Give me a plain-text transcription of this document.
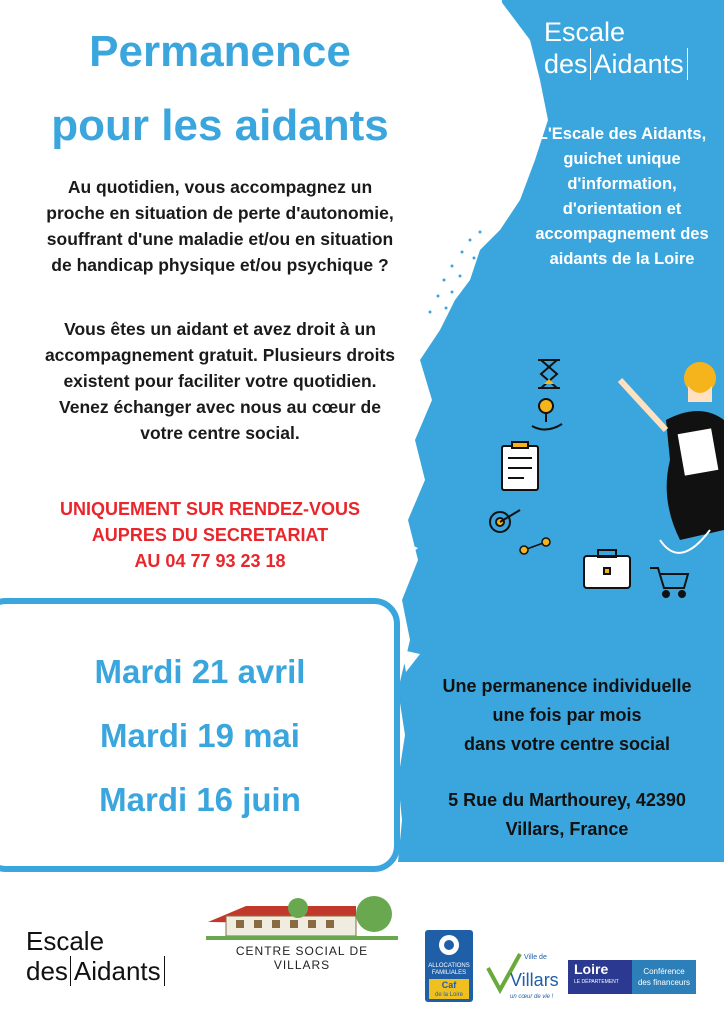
Permanence
pour les aidants
Au quotidien, vous accompagnez un
proche en situation de perte d'autonomie,
souffrant d'une maladie et/ou en situation
de handicap physique et/ou psychique ?
Vous êtes un aidant et avez droit à un
accompagnement gratuit. Plusieurs droits
existent pour faciliter votre quotidien.
Venez échanger avec nous au cœur de
votre centre social.
UNIQUEMENT SUR RENDEZ-VOUS
AUPRES DU SECRETARIAT
AU 04 77 93 23 18
Mardi 21 avril
Mardi 19 mai
Mardi 16 juin
Escale
des Aidants
L'Escale des Aidants,
guichet unique
d'information,
d'orientation et
accompagnement des
aidants de la Loire
Une permanence individuelle
une fois par mois
dans votre centre social
5 Rue du Marthourey, 42390
Villars, France
Escale
des Aidants
CENTRE SOCIAL DE VILLARS	ALLOCATIONS
FAMILIALES
Caf
de la Loire
Ville de
Villars
un cœur de vie !
Loire
LE DÉPARTEMENT
Conférence
des financeurs
